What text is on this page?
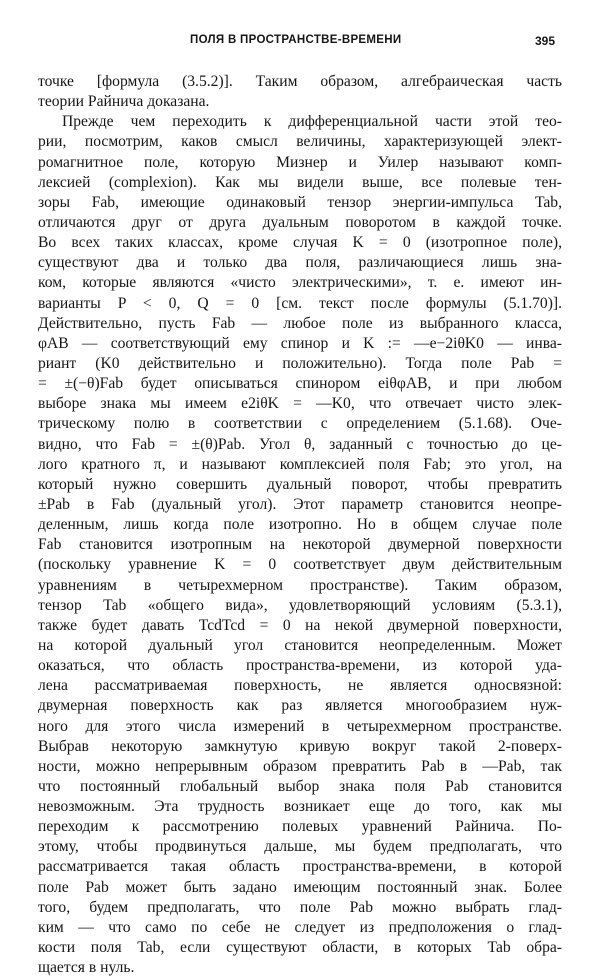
ПОЛЯ В ПРОСТРАНСТВЕ-ВРЕМЕНИ	395
точке [формула (3.5.2)]. Таким образом, алгебраическая часть
теории Райнича доказана.
Прежде чем переходить к дифференциальной части этой тео-
рии, посмотрим, каков смысл величины, характеризующей элект-
ромагнитное поле, которую Мизнер и Уилер называют комп-
лексией (complexion). Как мы видели выше, все полевые тен-
зоры Fab, имеющие одинаковый тензор энергии-импульса Tab,
отличаются друг от друга дуальным поворотом в каждой точке.
Во всех таких классах, кроме случая K = 0 (изотропное поле),
существуют два и только два поля, различающиеся лишь зна-
ком, которые являются «чисто электрическими», т. е. имеют ин-
варианты P < 0, Q = 0 [см. текст после формулы (5.1.70)].
Действительно, пусть Fab — любое поле из выбранного класса,
φAB — соответствующий ему спинор и K := —e−2iθK0 — инва-
риант (K0 действительно и положительно). Тогда поле Pab =
= ±(−θ)Fab будет описываться спинором eiθφAB, и при любом
выборе знака мы имеем e2iθK = —K0, что отвечает чисто элек-
трическому полю в соответствии с определением (5.1.68). Оче-
видно, что Fab = ±(θ)Pab. Угол θ, заданный с точностью до це-
лого кратного π, и называют комплексией поля Fab; это угол, на
который нужно совершить дуальный поворот, чтобы превратить
±Pab в Fab (дуальный угол). Этот параметр становится неопре-
деленным, лишь когда поле изотропно. Но в общем случае поле
Fab становится изотропным на некоторой двумерной поверхности
(поскольку уравнение K = 0 соответствует двум действительным
уравнениям в четырехмерном пространстве). Таким образом,
тензор Tab «общего вида», удовлетворяющий условиям (5.3.1),
также будет давать TcdTcd = 0 на некой двумерной поверхности,
на которой дуальный угол становится неопределенным. Может
оказаться, что область пространства-времени, из которой уда-
лена рассматриваемая поверхность, не является односвязной:
двумерная поверхность как раз является многообразием нуж-
ного для этого числа измерений в четырехмерном пространстве.
Выбрав некоторую замкнутую кривую вокруг такой 2-поверх-
ности, можно непрерывным образом превратить Pab в —Pab, так
что постоянный глобальный выбор знака поля Pab становится
невозможным. Эта трудность возникает еще до того, как мы
переходим к рассмотрению полевых уравнений Райнича. По-
этому, чтобы продвинуться дальше, мы будем предполагать, что
рассматривается такая область пространства-времени, в которой
поле Pab может быть задано имеющим постоянный знак. Более
того, будем предполагать, что поле Pab можно выбрать глад-
ким — что само по себе не следует из предположения о глад-
кости поля Tab, если существуют области, в которых Tab обра-
щается в нуль.
